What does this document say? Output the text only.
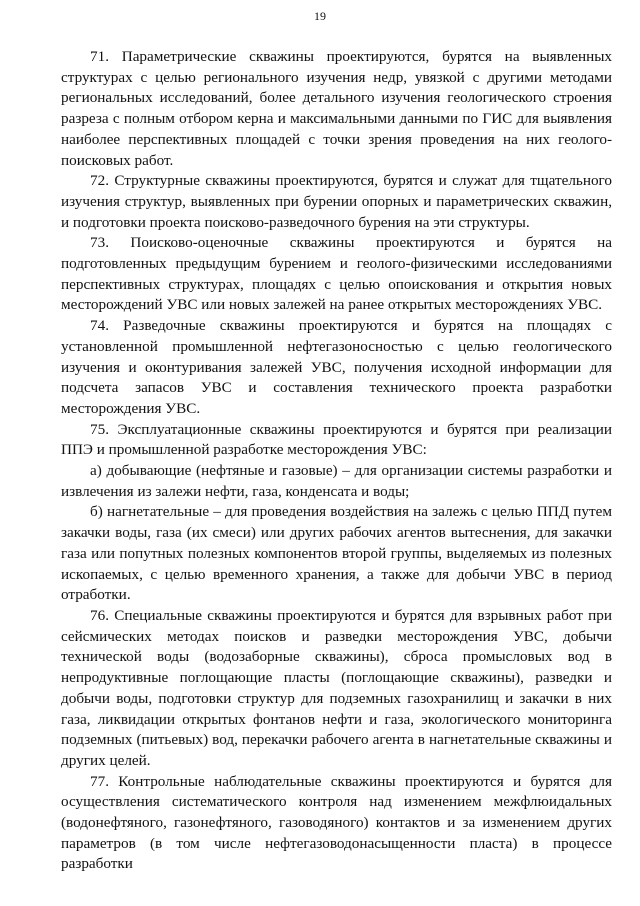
19

71. Параметрические скважины проектируются, бурятся на выявленных структурах с целью регионального изучения недр, увязкой с другими методами региональных исследований, более детального изучения геологического строения разреза с полным отбором керна и максимальными данными по ГИС для выявления наиболее перспективных площадей с точки зрения проведения на них геолого-поисковых работ.

72. Структурные скважины проектируются, бурятся и служат для тщательного изучения структур, выявленных при бурении опорных и параметрических скважин, и подготовки проекта поисково-разведочного бурения на эти структуры.

73. Поисково-оценочные скважины проектируются и бурятся на подготовленных предыдущим бурением и геолого-физическими исследованиями перспективных структурах, площадях с целью опоискования и открытия новых месторождений УВС или новых залежей на ранее открытых месторождениях УВС.

74. Разведочные скважины проектируются и бурятся на площадях с установленной промышленной нефтегазоносностью с целью геологического изучения и оконтуривания залежей УВС, получения исходной информации для подсчета запасов УВС и составления технического проекта разработки месторождения УВС.

75. Эксплуатационные скважины проектируются и бурятся при реализации ППЭ и промышленной разработке месторождения УВС:

а) добывающие (нефтяные и газовые) – для организации системы разработки и извлечения из залежи нефти, газа, конденсата и воды;

б) нагнетательные – для проведения воздействия на залежь с целью ППД путем закачки воды, газа (их смеси) или других рабочих агентов вытеснения, для закачки газа или попутных полезных компонентов второй группы, выделяемых из полезных ископаемых, с целью временного хранения, а также для добычи УВС в период отработки.

76. Специальные скважины проектируются и бурятся для взрывных работ при сейсмических методах поисков и разведки месторождения УВС, добычи технической воды (водозаборные скважины), сброса промысловых вод в непродуктивные поглощающие пласты (поглощающие скважины), разведки и добычи воды, подготовки структур для подземных газохранилищ и закачки в них газа, ликвидации открытых фонтанов нефти и газа, экологического мониторинга подземных (питьевых) вод, перекачки рабочего агента в нагнетательные скважины и других целей.

77. Контрольные наблюдательные скважины проектируются и бурятся для осуществления систематического контроля над изменением межфлюидальных (водонефтяного, газонефтяного, газоводяного) контактов и за изменением других параметров (в том числе нефтегазоводонасыщенности пласта) в процессе разработки
